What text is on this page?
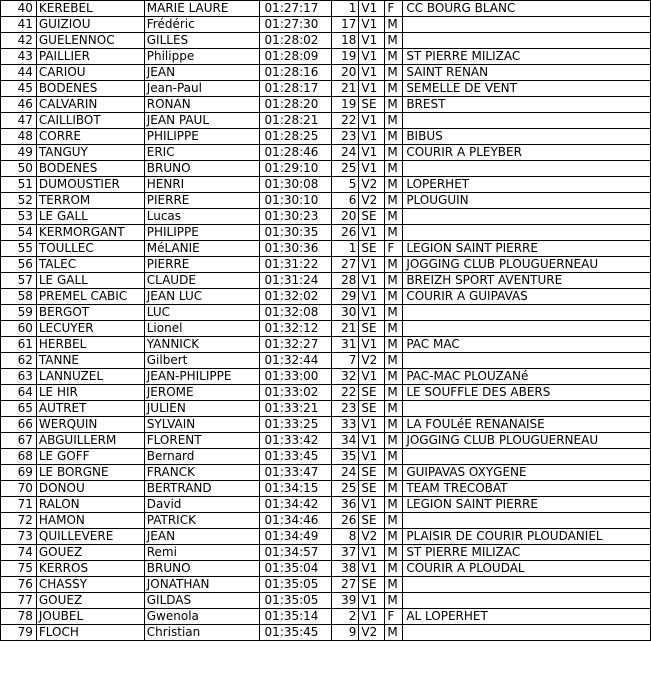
40	KEREBEL	MARIE LAURE	01:27:17	1	V1	F	CC BOURG BLANC
41	GUIZIOU	Frédéric	01:27:30	17	V1	M	
42	GUELENNOC	GILLES	01:28:02	18	V1	M	
43	PAILLIER	Philippe	01:28:09	19	V1	M	ST PIERRE MILIZAC
44	CARIOU	JEAN	01:28:16	20	V1	M	SAINT RENAN
45	BODENES	Jean-Paul	01:28:17	21	V1	M	SEMELLE DE VENT
46	CALVARIN	RONAN	01:28:20	19	SE	M	BREST
47	CAILLIBOT	JEAN PAUL	01:28:21	22	V1	M	
48	CORRE	PHILIPPE	01:28:25	23	V1	M	BIBUS
49	TANGUY	ERIC	01:28:46	24	V1	M	COURIR A PLEYBER
50	BODENES	BRUNO	01:29:10	25	V1	M	
51	DUMOUSTIER	HENRI	01:30:08	5	V2	M	LOPERHET
52	TERROM	PIERRE	01:30:10	6	V2	M	PLOUGUIN
53	LE GALL	Lucas	01:30:23	20	SE	M	
54	KERMORGANT	PHILIPPE	01:30:35	26	V1	M	
55	TOULLEC	MéLANIE	01:30:36	1	SE	F	LEGION SAINT PIERRE
56	TALEC	PIERRE	01:31:22	27	V1	M	JOGGING CLUB PLOUGUERNEAU
57	LE GALL	CLAUDE	01:31:24	28	V1	M	BREIZH SPORT AVENTURE
58	PREMEL CABIC	JEAN LUC	01:32:02	29	V1	M	COURIR A GUIPAVAS
59	BERGOT	LUC	01:32:08	30	V1	M	
60	LECUYER	Lionel	01:32:12	21	SE	M	
61	HERBEL	YANNICK	01:32:27	31	V1	M	PAC MAC
62	TANNE	Gilbert	01:32:44	7	V2	M	
63	LANNUZEL	JEAN-PHILIPPE	01:33:00	32	V1	M	PAC-MAC PLOUZANé
64	LE HIR	JEROME	01:33:02	22	SE	M	LE SOUFFLE DES ABERS
65	AUTRET	JULIEN	01:33:21	23	SE	M	
66	WERQUIN	SYLVAIN	01:33:25	33	V1	M	LA FOULéE RENANAISE
67	ABGUILLERM	FLORENT	01:33:42	34	V1	M	JOGGING CLUB PLOUGUERNEAU
68	LE GOFF	Bernard	01:33:45	35	V1	M	
69	LE BORGNE	FRANCK	01:33:47	24	SE	M	GUIPAVAS OXYGENE
70	DONOU	BERTRAND	01:34:15	25	SE	M	TEAM TRECOBAT
71	RALON	David	01:34:42	36	V1	M	LEGION SAINT PIERRE
72	HAMON	PATRICK	01:34:46	26	SE	M	
73	QUILLEVERE	JEAN	01:34:49	8	V2	M	PLAISIR DE COURIR PLOUDANIEL
74	GOUEZ	Remi	01:34:57	37	V1	M	ST PIERRE MILIZAC
75	KERROS	BRUNO	01:35:04	38	V1	M	COURIR A PLOUDAL
76	CHASSY	JONATHAN	01:35:05	27	SE	M	
77	GOUEZ	GILDAS	01:35:05	39	V1	M	
78	JOUBEL	Gwenola	01:35:14	2	V1	F	AL LOPERHET
79	FLOCH	Christian	01:35:45	9	V2	M	
